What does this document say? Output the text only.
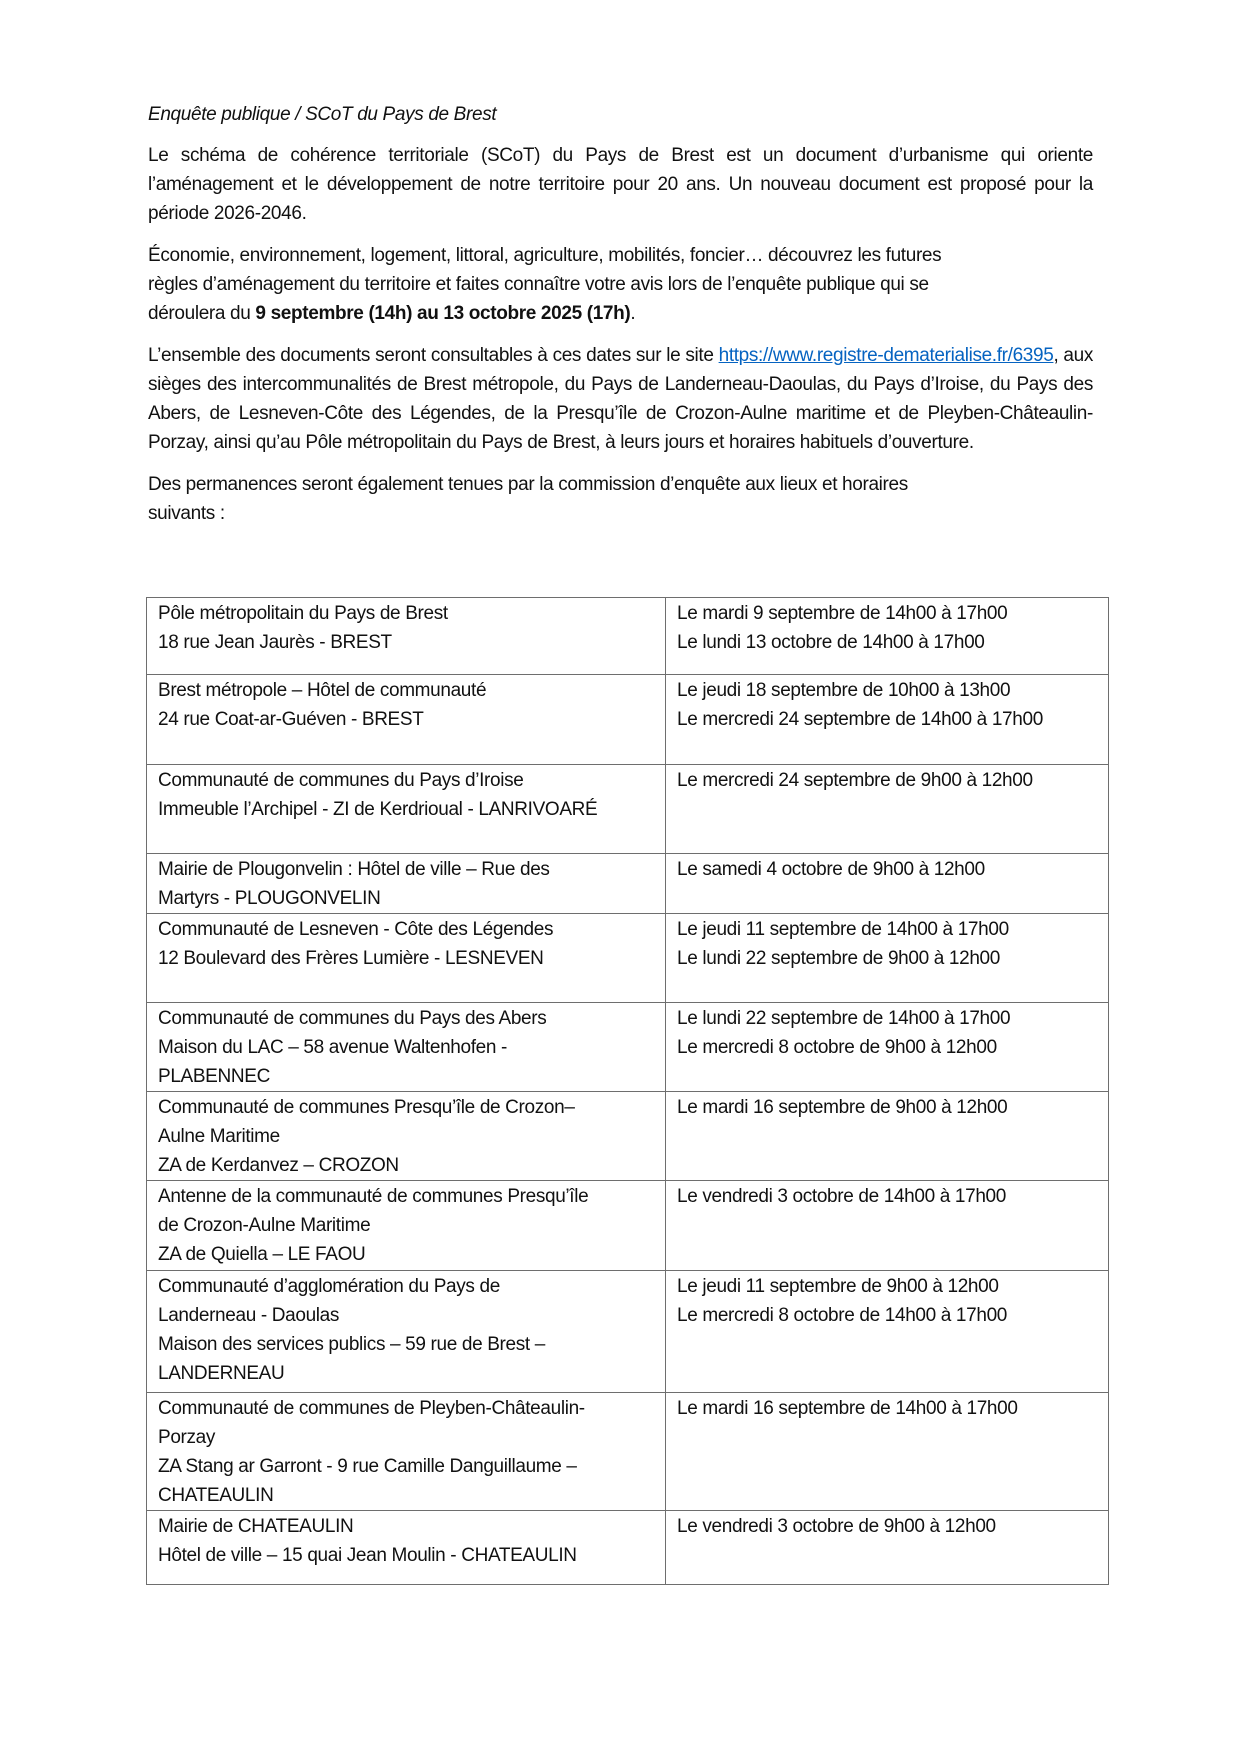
Enquête publique / SCoT du Pays de Brest

Le schéma de cohérence territoriale (SCoT) du Pays de Brest est un document d’urbanisme qui oriente l’aménagement et le développement de notre territoire pour 20 ans. Un nouveau document est proposé pour la période 2026-2046.

Économie, environnement, logement, littoral, agriculture, mobilités, foncier… découvrez les futures
règles d’aménagement du territoire et faites connaître votre avis lors de l’enquête publique qui se
déroulera du 9 septembre (14h) au 13 octobre 2025 (17h).

L’ensemble des documents seront consultables à ces dates sur le site https://www.registre-dematerialise.fr/6395, aux sièges des intercommunalités de Brest métropole, du Pays de Landerneau-Daoulas, du Pays d’Iroise, du Pays des Abers, de Lesneven-Côte des Légendes, de la Presqu’île de Crozon-Aulne maritime et de Pleyben-Châteaulin-Porzay, ainsi qu’au Pôle métropolitain du Pays de Brest, à leurs jours et horaires habituels d’ouverture.

Des permanences seront également tenues par la commission d’enquête aux lieux et horaires
suivants :

Pôle métropolitain du Pays de Brest
18 rue Jean Jaurès - BREST	Le mardi 9 septembre de 14h00 à 17h00
Le lundi 13 octobre de 14h00 à 17h00

Brest métropole – Hôtel de communauté
24 rue Coat-ar-Guéven - BREST	Le jeudi 18 septembre de 10h00 à 13h00
Le mercredi 24 septembre de 14h00 à 17h00

Communauté de communes du Pays d’Iroise
Immeuble l’Archipel - ZI de Kerdrioual - LANRIVOARÉ	Le mercredi 24 septembre de 9h00 à 12h00

Mairie de Plougonvelin : Hôtel de ville – Rue des
Martyrs - PLOUGONVELIN	Le samedi 4 octobre de 9h00 à 12h00

Communauté de Lesneven - Côte des Légendes
12 Boulevard des Frères Lumière - LESNEVEN	Le jeudi 11 septembre de 14h00 à 17h00
Le lundi 22 septembre de 9h00 à 12h00

Communauté de communes du Pays des Abers
Maison du LAC – 58 avenue Waltenhofen -
PLABENNEC	Le lundi 22 septembre de 14h00 à 17h00
Le mercredi 8 octobre de 9h00 à 12h00

Communauté de communes Presqu’île de Crozon–
Aulne Maritime
ZA de Kerdanvez – CROZON	Le mardi 16 septembre de 9h00 à 12h00

Antenne de la communauté de communes Presqu’île
de Crozon-Aulne Maritime
ZA de Quiella – LE FAOU	Le vendredi 3 octobre de 14h00 à 17h00

Communauté d’agglomération du Pays de
Landerneau - Daoulas
Maison des services publics – 59 rue de Brest –
LANDERNEAU	Le jeudi 11 septembre de 9h00 à 12h00
Le mercredi 8 octobre de 14h00 à 17h00

Communauté de communes de Pleyben-Châteaulin-
Porzay
ZA Stang ar Garront - 9 rue Camille Danguillaume –
CHATEAULIN	Le mardi 16 septembre de 14h00 à 17h00

Mairie de CHATEAULIN
Hôtel de ville – 15 quai Jean Moulin - CHATEAULIN	Le vendredi 3 octobre de 9h00 à 12h00
